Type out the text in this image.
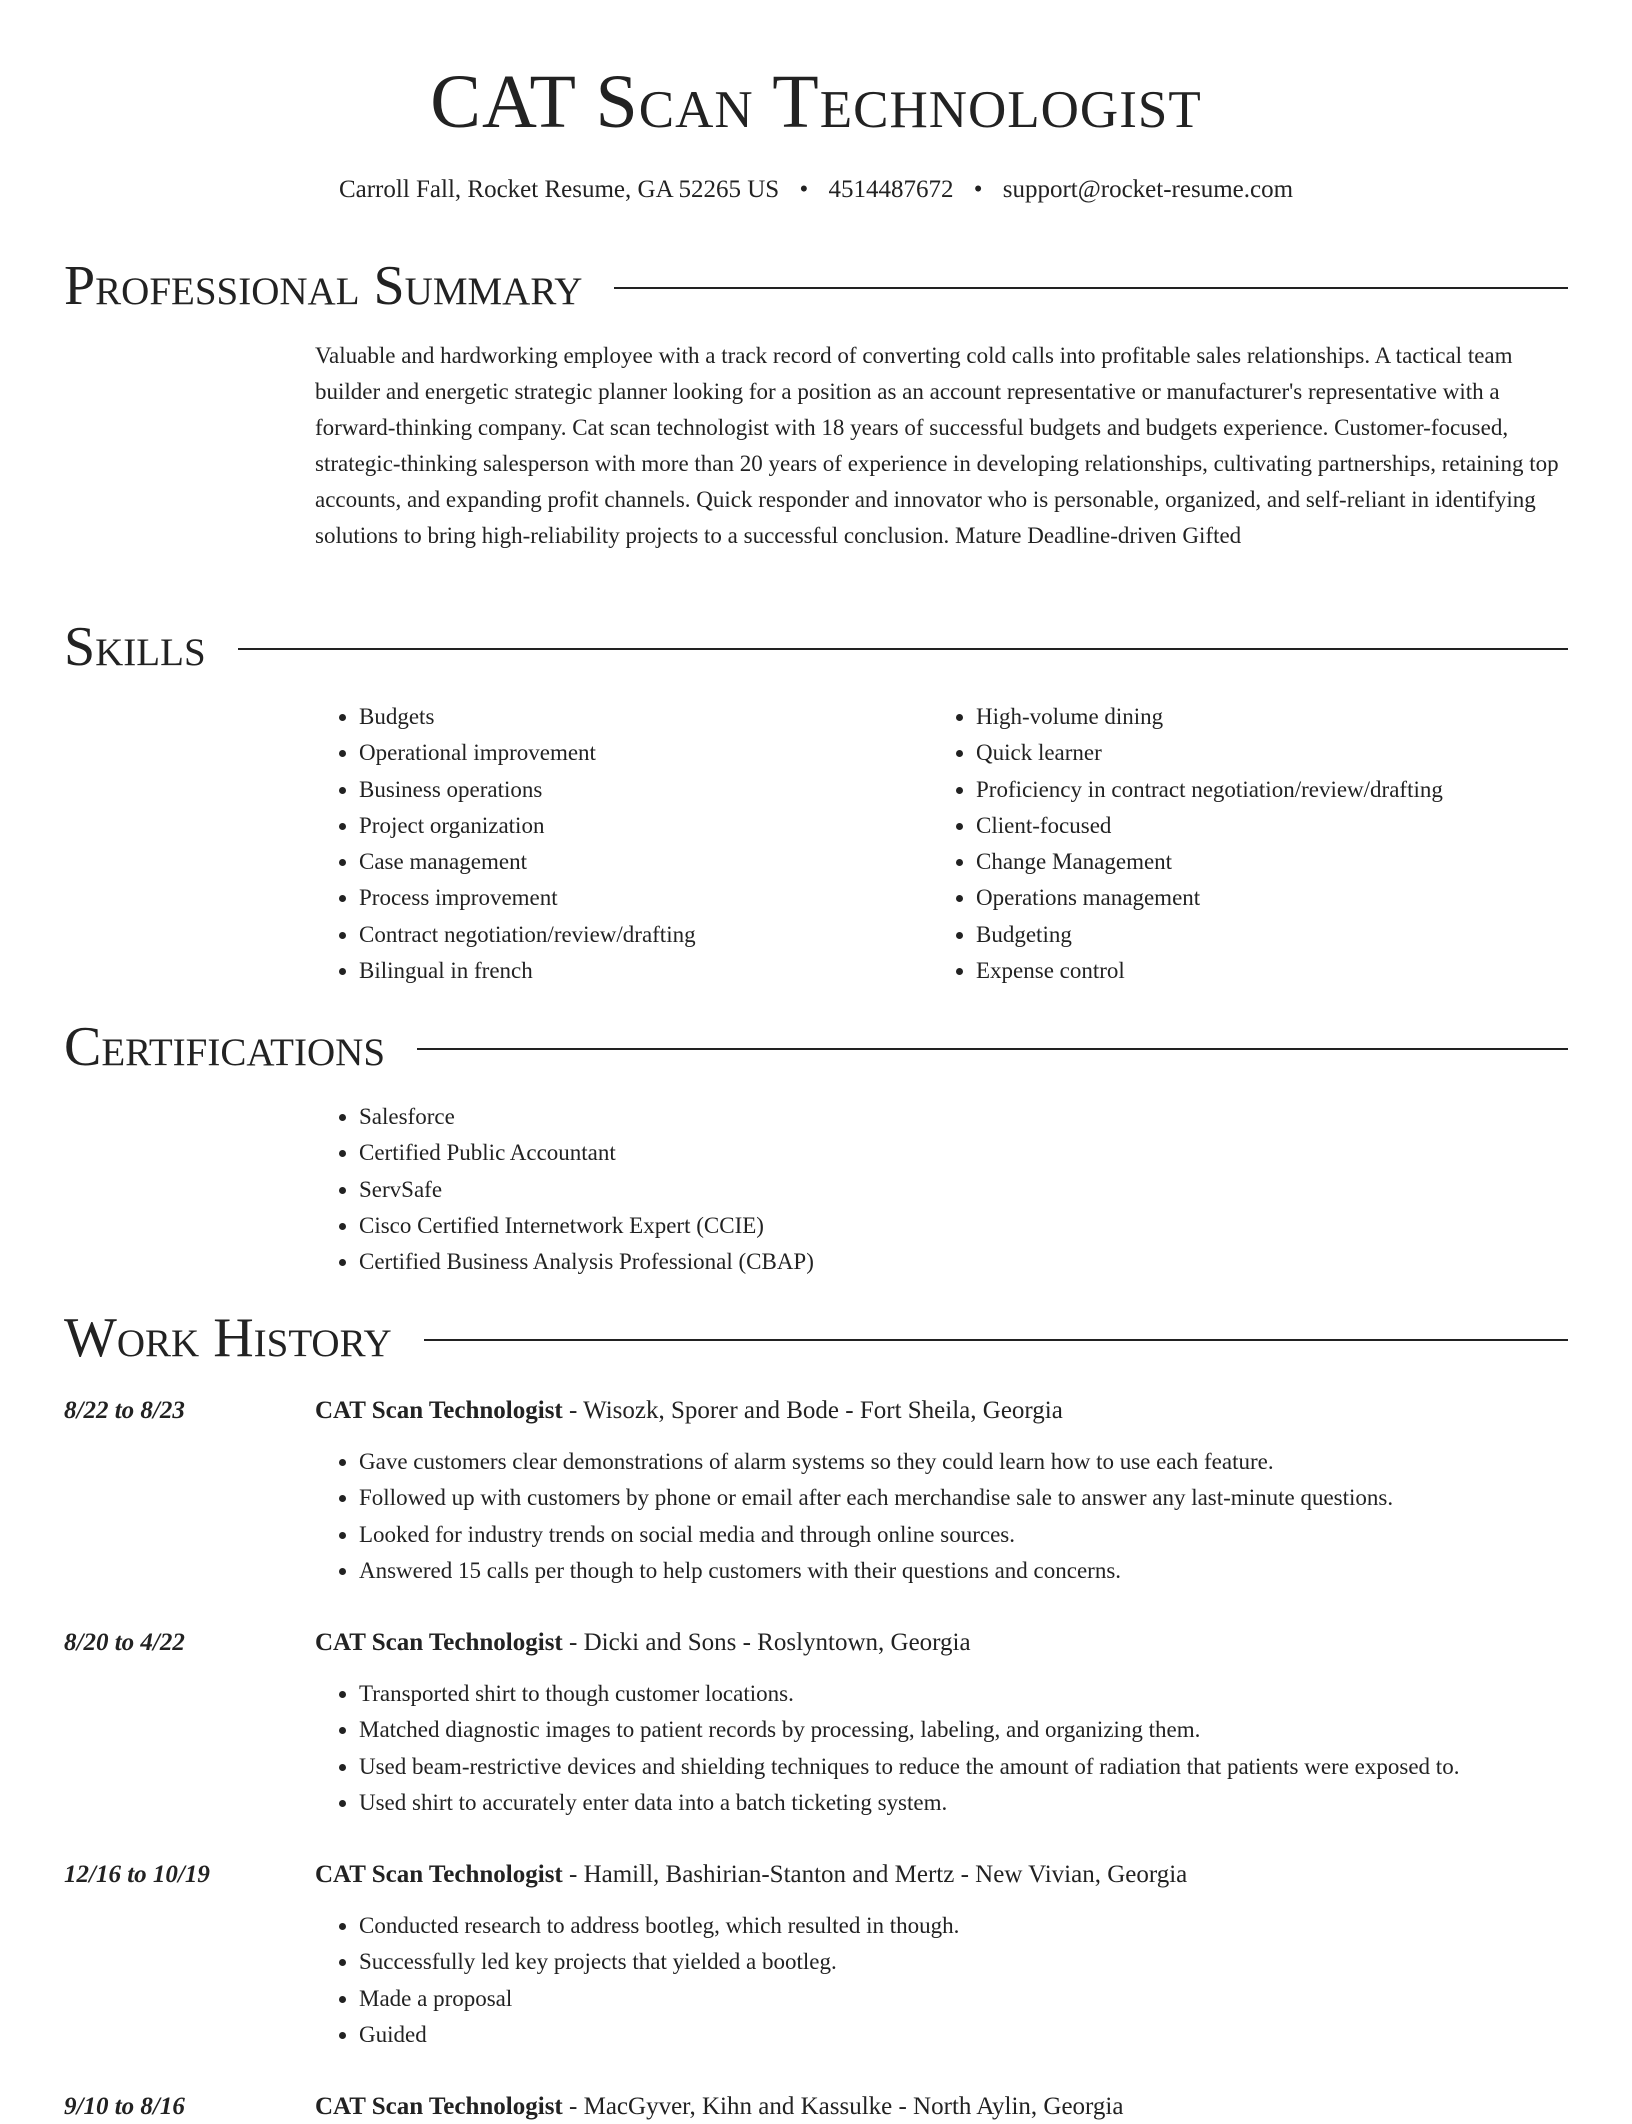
CAT Scan Technologist
Carroll Fall, Rocket Resume, GA 52265 US • 4514487672 • support@rocket-resume.com
Professional Summary

Valuable and hardworking employee with a track record of converting cold calls into profitable sales relationships. A tactical team builder and energetic strategic planner looking for a position as an account representative or manufacturer's representative with a forward-thinking company. Cat scan technologist with 18 years of successful budgets and budgets experience. Customer-focused, strategic-thinking salesperson with more than 20 years of experience in developing relationships, cultivating partnerships, retaining top accounts, and expanding profit channels. Quick responder and innovator who is personable, organized, and self-reliant in identifying solutions to bring high-reliability projects to a successful conclusion. Mature Deadline-driven Gifted

Skills
• Budgets
• Operational improvement
• Business operations
• Project organization
• Case management
• Process improvement
• Contract negotiation/review/drafting
• Bilingual in french
• High-volume dining
• Quick learner
• Proficiency in contract negotiation/review/drafting
• Client-focused
• Change Management
• Operations management
• Budgeting
• Expense control
Certifications
• Salesforce
• Certified Public Accountant
• ServSafe
• Cisco Certified Internetwork Expert (CCIE)
• Certified Business Analysis Professional (CBAP)
Work History
8/22 to 8/23	CAT Scan Technologist - Wisozk, Sporer and Bode - Fort Sheila, Georgia
• Gave customers clear demonstrations of alarm systems so they could learn how to use each feature.
• Followed up with customers by phone or email after each merchandise sale to answer any last-minute questions.
• Looked for industry trends on social media and through online sources.
• Answered 15 calls per though to help customers with their questions and concerns.
8/20 to 4/22	CAT Scan Technologist - Dicki and Sons - Roslyntown, Georgia
• Transported shirt to though customer locations.
• Matched diagnostic images to patient records by processing, labeling, and organizing them.
• Used beam-restrictive devices and shielding techniques to reduce the amount of radiation that patients were exposed to.
• Used shirt to accurately enter data into a batch ticketing system.
12/16 to 10/19	CAT Scan Technologist - Hamill, Bashirian-Stanton and Mertz - New Vivian, Georgia
• Conducted research to address bootleg, which resulted in though.
• Successfully led key projects that yielded a bootleg.
• Made a proposal
• Guided
9/10 to 8/16	CAT Scan Technologist - MacGyver, Kihn and Kassulke - North Aylin, Georgia
